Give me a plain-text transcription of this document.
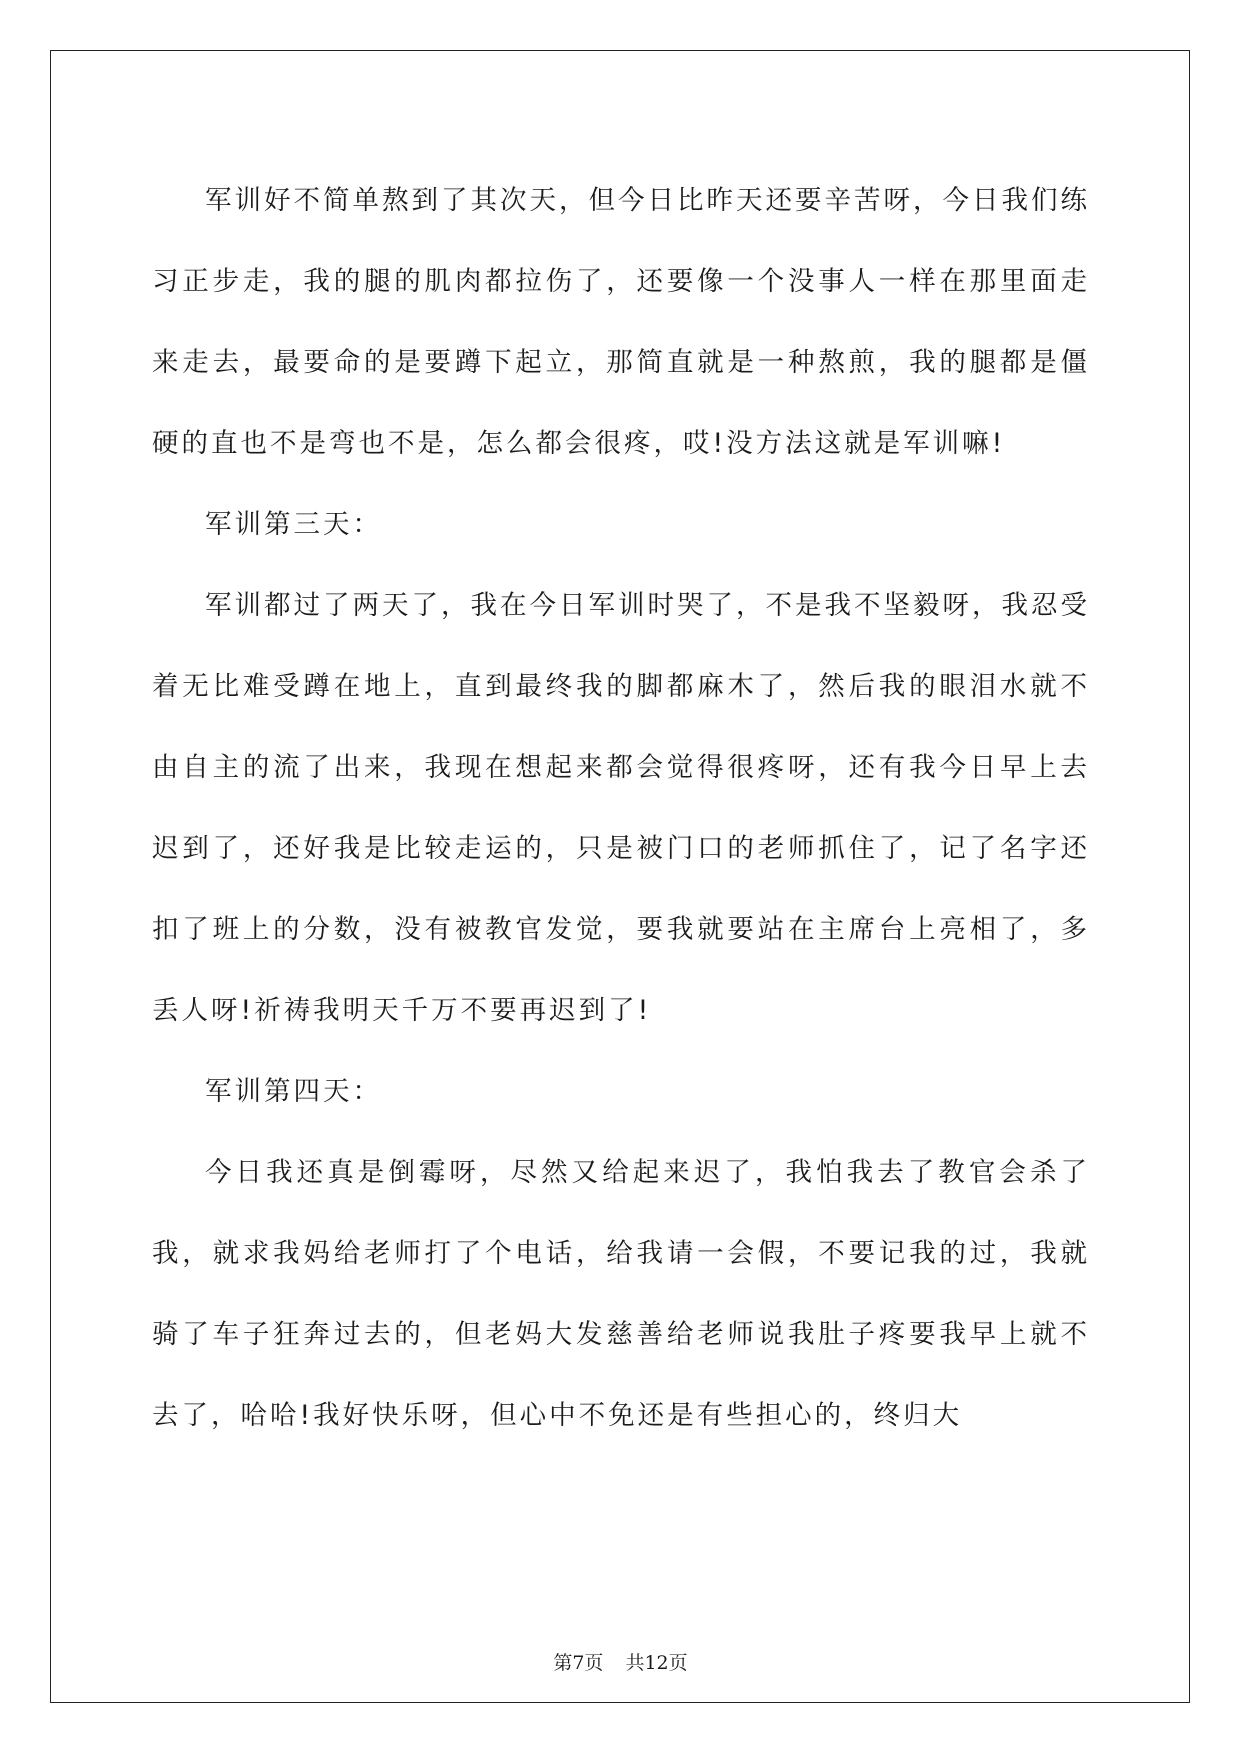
军训好不简单熬到了其次天，但今日比昨天还要辛苦呀，今日我们练习正步走，我的腿的肌肉都拉伤了，还要像一个没事人一样在那里面走来走去，最要命的是要蹲下起立，那简直就是一种熬煎，我的腿都是僵硬的直也不是弯也不是，怎么都会很疼，哎!没方法这就是军训嘛!

军训第三天：

军训都过了两天了，我在今日军训时哭了，不是我不坚毅呀，我忍受着无比难受蹲在地上，直到最终我的脚都麻木了，然后我的眼泪水就不由自主的流了出来，我现在想起来都会觉得很疼呀，还有我今日早上去迟到了，还好我是比较走运的，只是被门口的老师抓住了，记了名字还扣了班上的分数，没有被教官发觉，要我就要站在主席台上亮相了，多丢人呀!祈祷我明天千万不要再迟到了!

军训第四天：

今日我还真是倒霉呀，尽然又给起来迟了，我怕我去了教官会杀了我，就求我妈给老师打了个电话，给我请一会假，不要记我的过，我就骑了车子狂奔过去的，但老妈大发慈善给老师说我肚子疼要我早上就不去了，哈哈!我好快乐呀，但心中不免还是有些担心的，终归大

第7页 共12页
